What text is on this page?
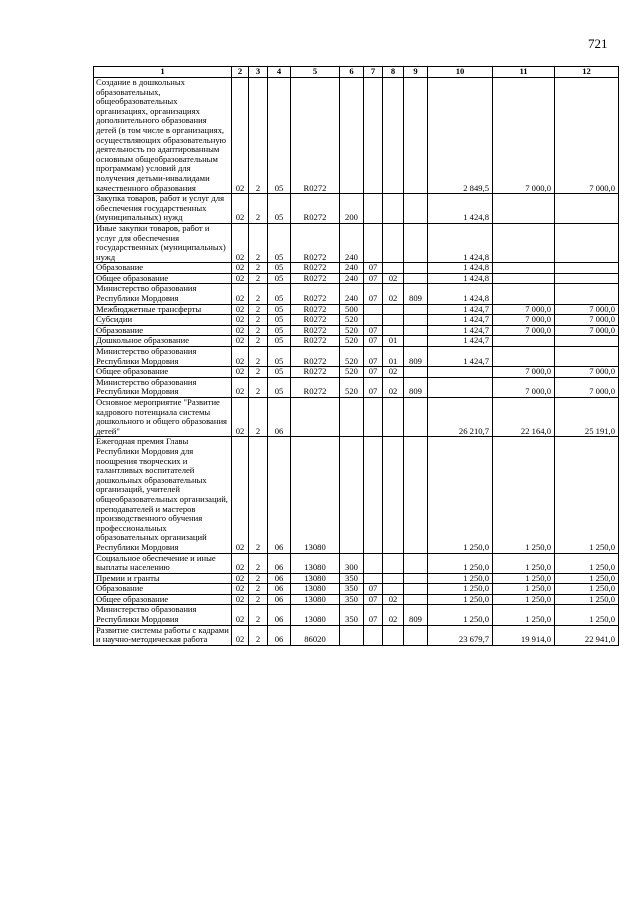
721
1	2	3	4	5	6	7	8	9	10	11	12
Создание в дошкольных образовательных, общеобразовательных организациях, организациях дополнительного образования детей (в том числе в организациях, осуществляющих образовательную деятельность по адаптированным основным общеобразовательным программам) условий для получения детьми-инвалидами качественного образования	02	2	05	R0272					2 849,5	7 000,0	7 000,0
Закупка товаров, работ и услуг для обеспечения государственных (муниципальных) нужд	02	2	05	R0272	200				1 424,8		
Иные закупки товаров, работ и услуг для обеспечения государственных (муниципальных) нужд	02	2	05	R0272	240				1 424,8		
Образование	02	2	05	R0272	240	07			1 424,8		
Общее образование	02	2	05	R0272	240	07	02		1 424,8		
Министерство образования Республики Мордовия	02	2	05	R0272	240	07	02	809	1 424,8		
Межбюджетные трансферты	02	2	05	R0272	500				1 424,7	7 000,0	7 000,0
Субсидии	02	2	05	R0272	520				1 424,7	7 000,0	7 000,0
Образование	02	2	05	R0272	520	07			1 424,7	7 000,0	7 000,0
Дошкольное образование	02	2	05	R0272	520	07	01		1 424,7		
Министерство образования Республики Мордовия	02	2	05	R0272	520	07	01	809	1 424,7		
Общее образование	02	2	05	R0272	520	07	02			7 000,0	7 000,0
Министерство образования Республики Мордовия	02	2	05	R0272	520	07	02	809		7 000,0	7 000,0
Основное мероприятие "Развитие кадрового потенциала системы дошкольного и общего образования детей"	02	2	06						26 210,7	22 164,0	25 191,0
Ежегодная премия Главы Республики Мордовия для поощрения творческих и талантливых воспитателей дошкольных образовательных организаций, учителей общеобразовательных организаций, преподавателей и мастеров производственного обучения профессиональных образовательных организаций Республики Мордовия	02	2	06	13080					1 250,0	1 250,0	1 250,0
Социальное обеспечение и иные выплаты населению	02	2	06	13080	300				1 250,0	1 250,0	1 250,0
Премии и гранты	02	2	06	13080	350				1 250,0	1 250,0	1 250,0
Образование	02	2	06	13080	350	07			1 250,0	1 250,0	1 250,0
Общее образование	02	2	06	13080	350	07	02		1 250,0	1 250,0	1 250,0
Министерство образования Республики Мордовия	02	2	06	13080	350	07	02	809	1 250,0	1 250,0	1 250,0
Развитие системы работы с кадрами и научно-методическая работа	02	2	06	86020					23 679,7	19 914,0	22 941,0
